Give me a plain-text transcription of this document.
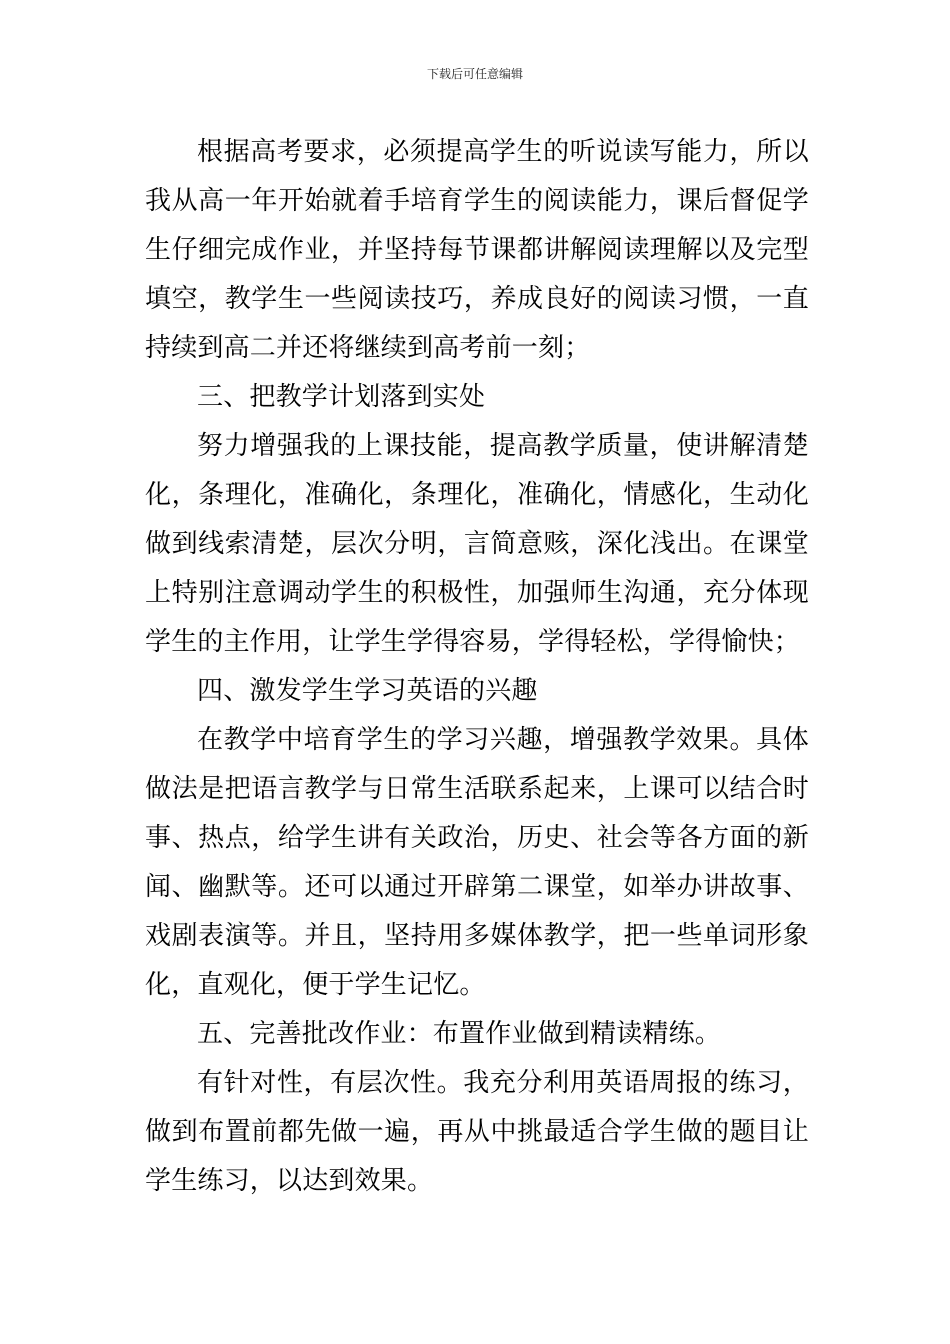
下载后可任意编辑

根据高考要求，必须提高学生的听说读写能力，所以我从高一年开始就着手培育学生的阅读能力，课后督促学生仔细完成作业，并坚持每节课都讲解阅读理解以及完型填空，教学生一些阅读技巧，养成良好的阅读习惯，一直持续到高二并还将继续到高考前一刻；

三、把教学计划落到实处

努力增强我的上课技能，提高教学质量，使讲解清楚化，条理化，准确化，条理化，准确化，情感化，生动化做到线索清楚，层次分明，言简意赅，深化浅出。在课堂上特别注意调动学生的积极性，加强师生沟通，充分体现学生的主作用，让学生学得容易，学得轻松，学得愉快；

四、激发学生学习英语的兴趣

在教学中培育学生的学习兴趣，增强教学效果。具体做法是把语言教学与日常生活联系起来，上课可以结合时事、热点，给学生讲有关政治，历史、社会等各方面的新闻、幽默等。还可以通过开辟第二课堂，如举办讲故事、戏剧表演等。并且，坚持用多媒体教学，把一些单词形象化，直观化，便于学生记忆。

五、完善批改作业：布置作业做到精读精练。

有针对性，有层次性。我充分利用英语周报的练习，做到布置前都先做一遍，再从中挑最适合学生做的题目让学生练习，以达到效果。
